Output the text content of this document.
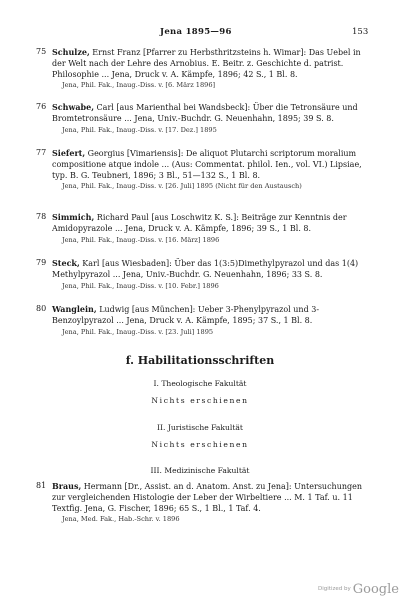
Jena 1895—96	153
75 Schulze, Ernst Franz [Pfarrer zu Herbsthritzsteins h. Wimar]: Das Uebel in der Welt nach der Lehre des Arnobius. E. Beitr. z. Geschichte d. patrist. Philosophie ... Jena, Druck v. A. Kämpfe, 1896; 42 S., 1 Bl. 8.
Jena, Phil. Fak., Inaug.-Diss. v. [6. März 1896]
76 Schwabe, Carl [aus Marienthal bei Wandsbeck]: Über die Tetronsäure und Bromtetronsäure ... Jena, Univ.-Buchdr. G. Neuenhahn, 1895; 39 S. 8.
Jena, Phil. Fak., Inaug.-Diss. v. [17. Dez.] 1895
77 Siefert, Georgius [Vimariensis]: De aliquot Plutarchi scriptorum moralium compositione atque indole ... (Aus: Commentat. philol. Ien., vol. VI.) Lipsiae, typ. B. G. Teubneri, 1896; 3 Bl., 51—132 S., 1 Bl. 8.
Jena, Phil. Fak., Inaug.-Diss. v. [26. Juli] 1895 (Nicht für den Austausch)
78 Simmich, Richard Paul [aus Loschwitz K. S.]: Beiträge zur Kenntnis der Amidopyrazole ... Jena, Druck v. A. Kämpfe, 1896; 39 S., 1 Bl. 8.
Jena, Phil. Fak., Inaug.-Diss. v. [16. März] 1896
79 Steck, Karl [aus Wiesbaden]: Über das 1(3:5)Dimethylpyrazol und das 1(4) Methylpyrazol ... Jena, Univ.-Buchdr. G. Neuenhahn, 1896; 33 S. 8.
Jena, Phil. Fak., Inaug.-Diss. v. [10. Febr.] 1896
80 Wanglein, Ludwig [aus München]: Ueber 3-Phenylpyrazol und 3-Benzoylpyrazol ... Jena, Druck v. A. Kämpfe, 1895; 37 S., 1 Bl. 8.
Jena, Phil. Fak., Inaug.-Diss. v. [23. Juli] 1895
f. Habilitationsschriften
I. Theologische Fakultät
Nichts erschienen
II. Juristische Fakultät
Nichts erschienen
III. Medizinische Fakultät
81 Braus, Hermann [Dr., Assist. an d. Anatom. Anst. zu Jena]: Untersuchungen zur vergleichenden Histologie der Leber der Wirbeltiere ... M. 1 Taf. u. 11 Textfig. Jena, G. Fischer, 1896; 65 S., 1 Bl., 1 Taf. 4.
Jena, Med. Fak., Hab.-Schr. v. 1896
Digitized by Google
